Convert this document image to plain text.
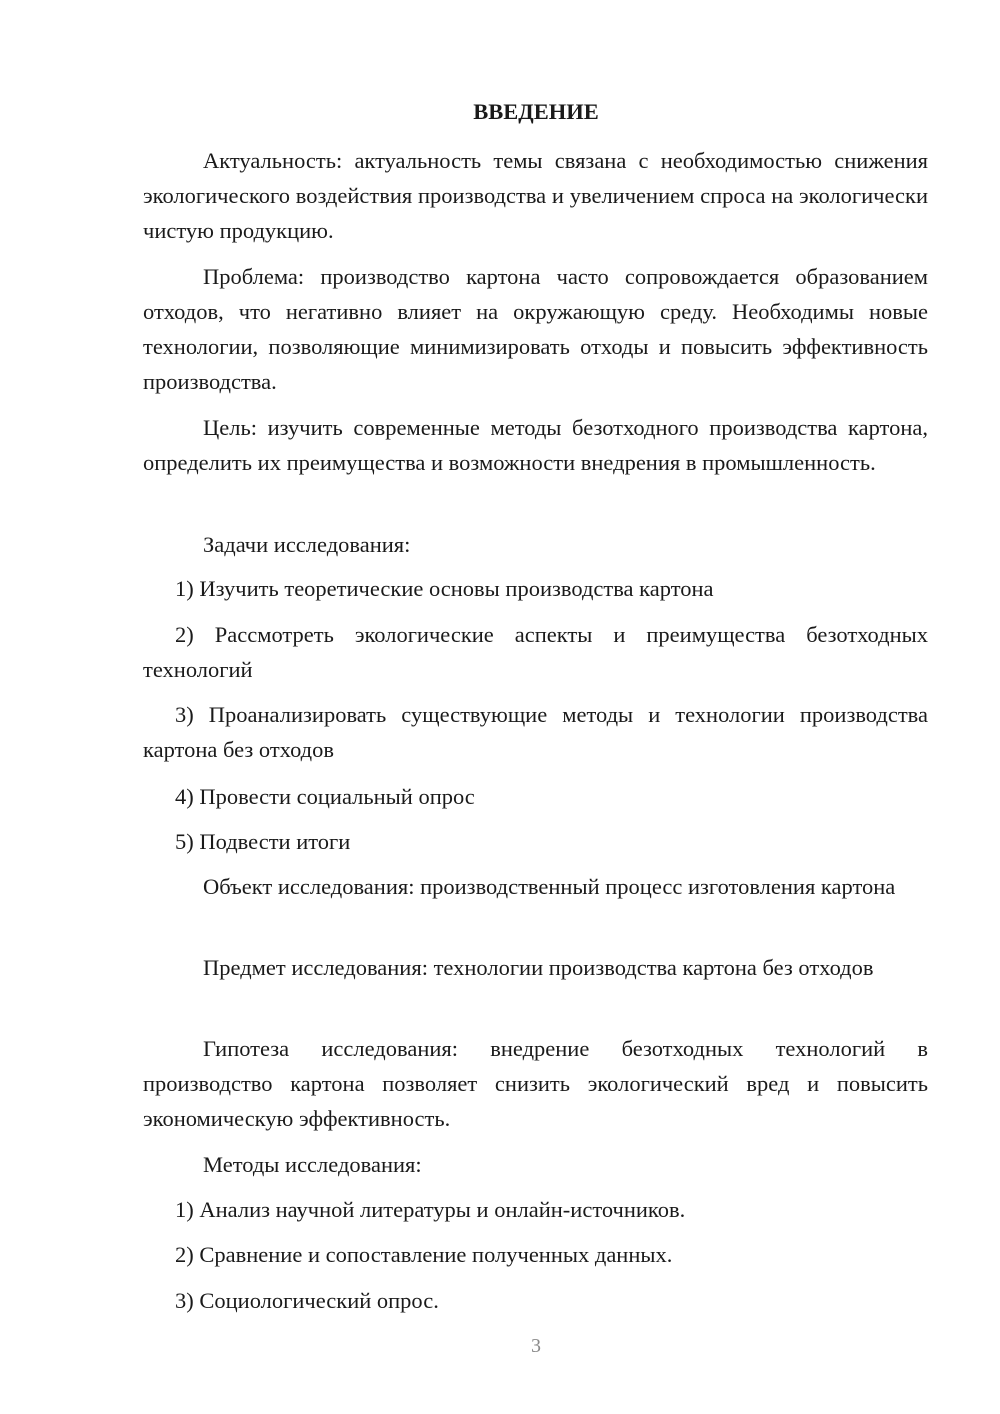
ВВЕДЕНИЕ

Актуальность: актуальность темы связана с необходимостью снижения экологического воздействия производства и увеличением спроса на экологически чистую продукцию.

Проблема: производство картона часто сопровождается образованием отходов, что негативно влияет на окружающую среду. Необходимы новые технологии, позволяющие минимизировать отходы и повысить эффективность производства.

Цель: изучить современные методы безотходного производства картона, определить их преимущества и возможности внедрения в промышленность.

Задачи исследования:

1) Изучить теоретические основы производства картона

2) Рассмотреть экологические аспекты и преимущества безотходных технологий

3) Проанализировать существующие методы и технологии производства картона без отходов

4) Провести социальный опрос

5) Подвести итоги

Объект исследования: производственный процесс изготовления картона

Предмет исследования: технологии производства картона без отходов

Гипотеза исследования: внедрение безотходных технологий в производство картона позволяет снизить экологический вред и повысить экономическую эффективность.

Методы исследования:

1) Анализ научной литературы и онлайн-источников.

2) Сравнение и сопоставление полученных данных.

3) Социологический опрос.

3
